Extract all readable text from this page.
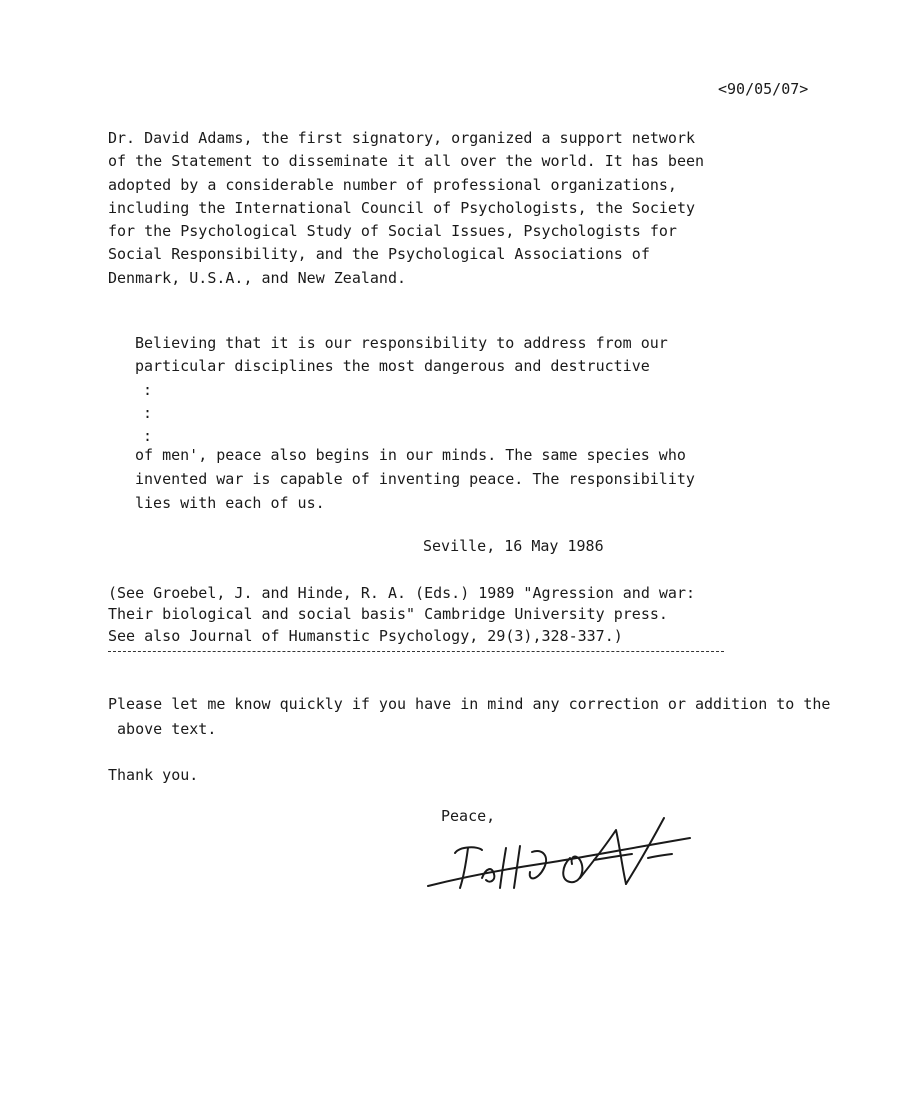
<90/05/07>
Dr. David Adams, the first signatory, organized a support network
of the Statement to disseminate it all over the world. It has been
adopted by a considerable number of professional organizations,
including the International Council of Psychologists, the Society
for the Psychological Study of Social Issues, Psychologists for
Social Responsibility, and the Psychological Associations of
Denmark, U.S.A., and New Zealand.
Believing that it is our responsibility to address from our
particular disciplines the most dangerous and destructive
:
:
:
of men', peace also begins in our minds. The same species who
invented war is capable of inventing peace. The responsibility
lies with each of us.
Seville, 16 May 1986
(See Groebel, J. and Hinde, R. A. (Eds.) 1989 "Agression and war:
Their biological and social basis" Cambridge University press.
See also Journal of Humanstic Psychology, 29(3),328-337.)
Please let me know quickly if you have in mind any correction or addition to the
above text.
Thank you.
Peace,
